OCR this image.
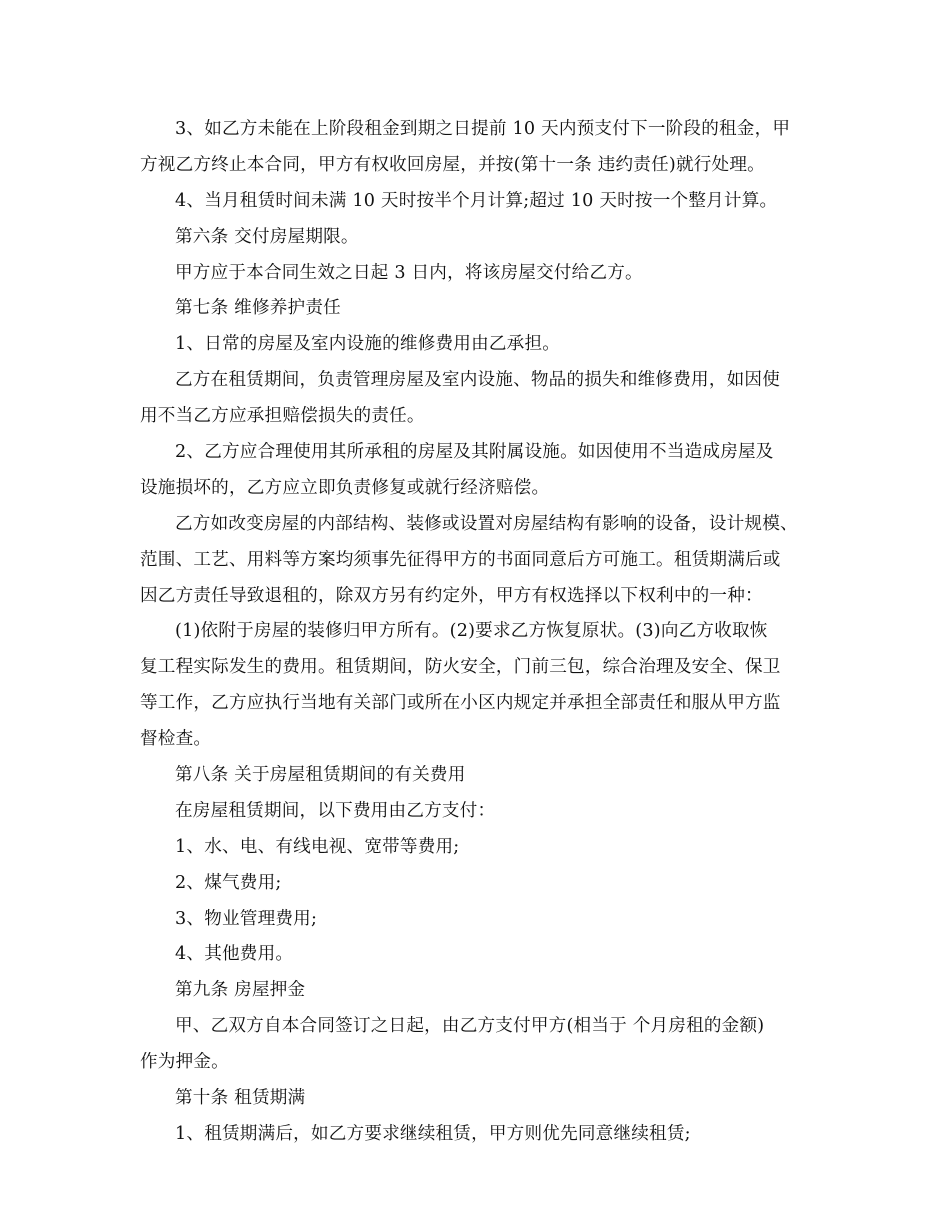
3、如乙方未能在上阶段租金到期之日提前 10 天内预支付下一阶段的租金，甲
方视乙方终止本合同，甲方有权收回房屋，并按(第十一条 违约责任)就行处理。
4、当月租赁时间未满 10 天时按半个月计算;超过 10 天时按一个整月计算。
第六条 交付房屋期限。
甲方应于本合同生效之日起 3 日内，将该房屋交付给乙方。
第七条 维修养护责任
1、日常的房屋及室内设施的维修费用由乙承担。
乙方在租赁期间，负责管理房屋及室内设施、物品的损失和维修费用，如因使
用不当乙方应承担赔偿损失的责任。
2、乙方应合理使用其所承租的房屋及其附属设施。如因使用不当造成房屋及
设施损坏的，乙方应立即负责修复或就行经济赔偿。
乙方如改变房屋的内部结构、装修或设置对房屋结构有影响的设备，设计规模、
范围、工艺、用料等方案均须事先征得甲方的书面同意后方可施工。租赁期满后或
因乙方责任导致退租的，除双方另有约定外，甲方有权选择以下权利中的一种：
(1)依附于房屋的装修归甲方所有。(2)要求乙方恢复原状。(3)向乙方收取恢
复工程实际发生的费用。租赁期间，防火安全，门前三包，综合治理及安全、保卫
等工作，乙方应执行当地有关部门或所在小区内规定并承担全部责任和服从甲方监
督检查。
第八条 关于房屋租赁期间的有关费用
在房屋租赁期间，以下费用由乙方支付：
1、水、电、有线电视、宽带等费用;
2、煤气费用;
3、物业管理费用;
4、其他费用。
第九条 房屋押金
甲、乙双方自本合同签订之日起，由乙方支付甲方(相当于 个月房租的金额)
作为押金。
第十条 租赁期满
1、租赁期满后，如乙方要求继续租赁，甲方则优先同意继续租赁;
